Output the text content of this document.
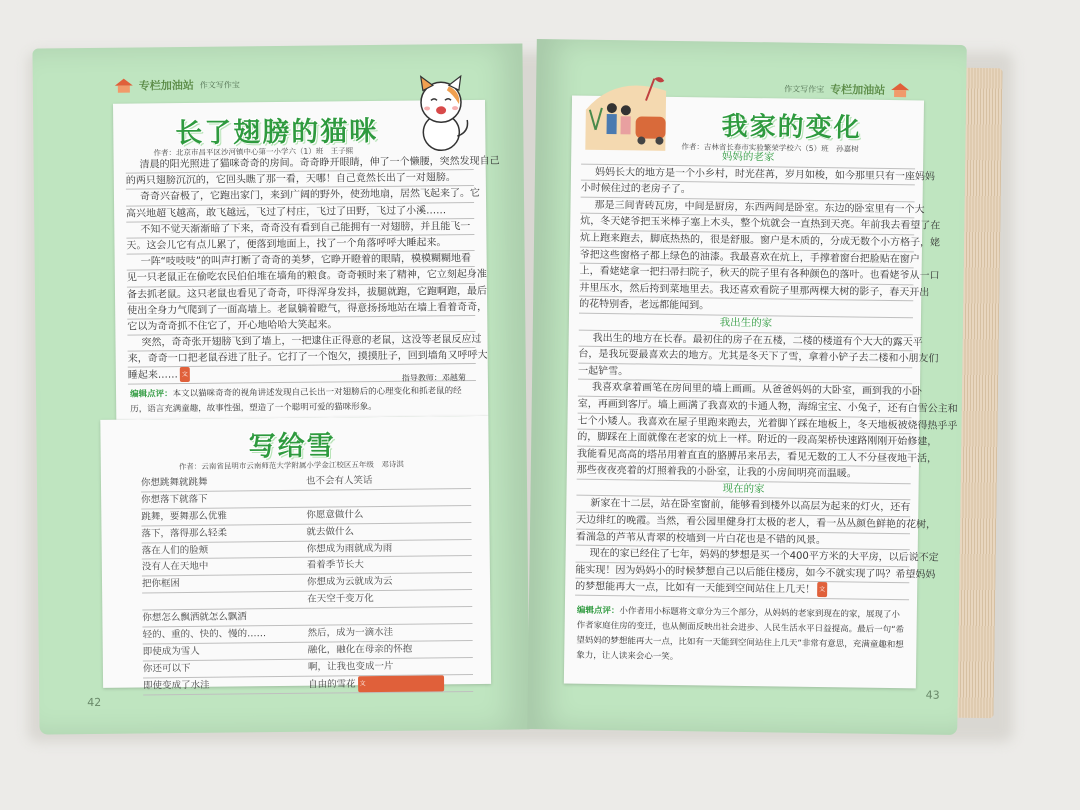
专栏加油站 作文写作宝
长了翅膀的猫咪
作者：北京市昌平区沙河镇中心第一小学六（1）班　王子熙
清晨的阳光照进了猫咪奇奇的房间。奇奇睁开眼睛，伸了一个懒腰，突然发现自己
的两只翅膀沉沉的，它回头瞧了那一看，天哪！自己竟然长出了一对翅膀。
奇奇兴奋极了，它跑出家门，来到广阔的野外，使劲地扇，居然飞起来了。它
高兴地超飞越高，敢飞越远，飞过了村庄，飞过了田野，飞过了小溪……
不知不觉天渐渐暗了下来，奇奇没有看到自己能拥有一对翅膀，并且能飞一
天。这会儿它有点儿累了，便落到地面上，找了一个角落呼呼大睡起来。
一阵“吱吱吱”的叫声打断了奇奇的美梦，它睁开瞪着的眼睛，模模糊糊地看
见一只老鼠正在偷吃农民伯伯堆在墙角的粮食。奇奇顿时来了精神，它立刻起身准
备去抓老鼠。这只老鼠也看见了奇奇，吓得浑身发抖，拔腿就跑，它跑啊跑，最后
使出全身力气爬到了一面高墙上。老鼠躺着瞪气，得意扬扬地站在墙上看着奇奇，
它以为奇奇抓不住它了，开心地哈哈大笑起来。
突然，奇奇张开翅膀飞到了墙上，一把逮住正得意的老鼠，这没等老鼠反应过
来，奇奇一口把老鼠吞进了肚子。它打了一个饱欠，摸摸肚子，回到墙角又呼呼大
睡起来…… 文	指导教师：邓越菊
编辑点评：本文以猫咪奇奇的视角讲述发现自己长出一对翅膀后的心理变化和抓老鼠的经历，语言充满童趣，故事性强，塑造了一个聪明可爱的猫咪形象。
写给雪
作者：云南省昆明市云南师范大学附属小学金江校区五年级　邓诗淇
你想跳舞就跳舞	也不会有人笑话
你想落下就落下
跳舞，要舞那么优雅	你愿意做什么
落下，落得那么轻柔	就去做什么
落在人们的脸颊	你想成为雨就成为雨
没有人在天地中	看着季节长大
把你框困	你想成为云就成为云
在天空千变万化
你想怎么飘洒就怎么飘洒
轻的、重的、快的、慢的……	然后，成为一滴水洼
即使成为雪人	融化，融化在母亲的怀抱
你还可以下	啊，让我也变成一片
即使变成了水洼	自由的雪花 文
42
作文写作宝 专栏加油站
我家的变化
作者：吉林省长春市实验繁荣学校六（5）班　孙嘉树
妈妈的老家
妈妈长大的地方是一个小乡村，时光荏苒，岁月如梭，如今那里只有一座妈妈
小时候住过的老房子了。
那是三间青砖瓦房，中间是厨房，东西两间是卧室。东边的卧室里有一个大
炕，冬天姥爷把玉米棒子塞上木头，整个炕就会一直热到天亮。年前我去看望了在
炕上跑来跑去，脚底热热的，很是舒服。窗户是木质的，分成无数个小方格子，姥
爷把这些窗格子都上绿色的油漆。我最喜欢在炕上，手撑着窗台把脸贴在窗户
上，看姥姥拿一把扫帚扫院子，秋天的院子里有各种颜色的落叶。也看姥爷从一口
井里压水，然后挎到菜地里去。我还喜欢看院子里那两棵大树的影子，春天开出
的花特别香，老远都能闻到。
我出生的家
我出生的地方在长春。最初住的房子在五楼，二楼的楼道有个大大的露天平
台，是我玩耍最喜欢去的地方。尤其是冬天下了雪，拿着小铲子去二楼和小朋友们
一起铲雪。
我喜欢拿着画笔在房间里的墙上画画。从爸爸妈妈的大卧室，画到我的小卧
室，再画到客厅。墙上画满了我喜欢的卡通人物，海绵宝宝、小兔子，还有白雪公主和
七个小矮人。我喜欢在屋子里跑来跑去，光着脚丫踩在地板上，冬天地板被烧得热乎乎
的，脚踩在上面就像在老家的炕上一样。附近的一段高架桥快速路刚刚开始修建，
我能看见高高的塔吊用着直直的胳膊吊来吊去，看见无数的工人不分昼夜地干活，
那些夜夜亮着的灯照着我的小卧室，让我的小房间明亮而温暖。
现在的家
新家在十二层，站在卧室窗前，能够看到楼外以高层为起来的灯火，还有
天边绯红的晚霞。当然，看公园里健身打太极的老人，看一丛丛颜色鲜艳的花树，
看湍急的芦苇从青翠的校墙到一片白花也是不错的风景。
现在的家已经住了七年，妈妈的梦想是买一个400平方米的大平房，以后说不定
能实现！因为妈妈小的时候梦想自己以后能住楼房，如今不就实现了吗？希望妈妈
的梦想能再大一点，比如有一天能到空间站住上几天！ 文
编辑点评：小作者用小标题将文章分为三个部分，从妈妈的老家到现在的家，展现了小作者家庭住房的变迁，也从侧面反映出社会进步、人民生活水平日益提高。最后一句“希望妈妈的梦想能再大一点，比如有一天能到空间站住上几天”非常有意思，充满童趣和想象力，让人读来会心一笑。
43
